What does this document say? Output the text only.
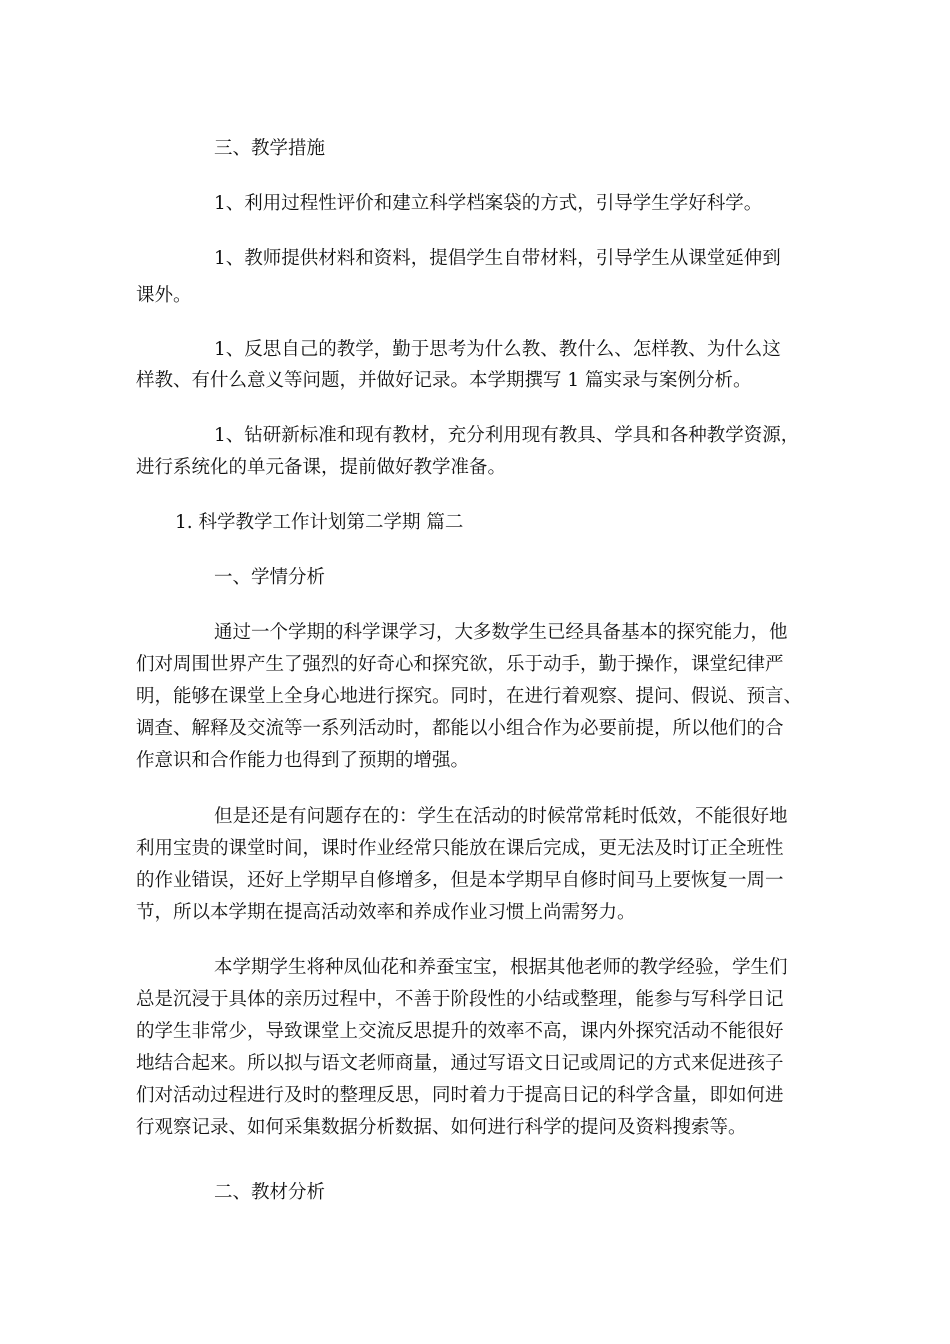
三、教学措施
1、利用过程性评价和建立科学档案袋的方式，引导学生学好科学。
1、教师提供材料和资料，提倡学生自带材料，引导学生从课堂延伸到
课外。
1、反思自己的教学，勤于思考为什么教、教什么、怎样教、为什么这
样教、有什么意义等问题，并做好记录。本学期撰写 1 篇实录与案例分析。
1、钻研新标准和现有教材，充分利用现有教具、学具和各种教学资源，
进行系统化的单元备课，提前做好教学准备。
1. 科学教学工作计划第二学期 篇二
一、学情分析
通过一个学期的科学课学习，大多数学生已经具备基本的探究能力，他
们对周围世界产生了强烈的好奇心和探究欲，乐于动手，勤于操作，课堂纪律严
明，能够在课堂上全身心地进行探究。同时，在进行着观察、提问、假说、预言、
调查、解释及交流等一系列活动时，都能以小组合作为必要前提，所以他们的合
作意识和合作能力也得到了预期的增强。
但是还是有问题存在的：学生在活动的时候常常耗时低效，不能很好地
利用宝贵的课堂时间，课时作业经常只能放在课后完成，更无法及时订正全班性
的作业错误，还好上学期早自修增多，但是本学期早自修时间马上要恢复一周一
节，所以本学期在提高活动效率和养成作业习惯上尚需努力。
本学期学生将种凤仙花和养蚕宝宝，根据其他老师的教学经验，学生们
总是沉浸于具体的亲历过程中，不善于阶段性的小结或整理，能参与写科学日记
的学生非常少，导致课堂上交流反思提升的效率不高，课内外探究活动不能很好
地结合起来。所以拟与语文老师商量，通过写语文日记或周记的方式来促进孩子
们对活动过程进行及时的整理反思，同时着力于提高日记的科学含量，即如何进
行观察记录、如何采集数据分析数据、如何进行科学的提问及资料搜索等。
二、教材分析
